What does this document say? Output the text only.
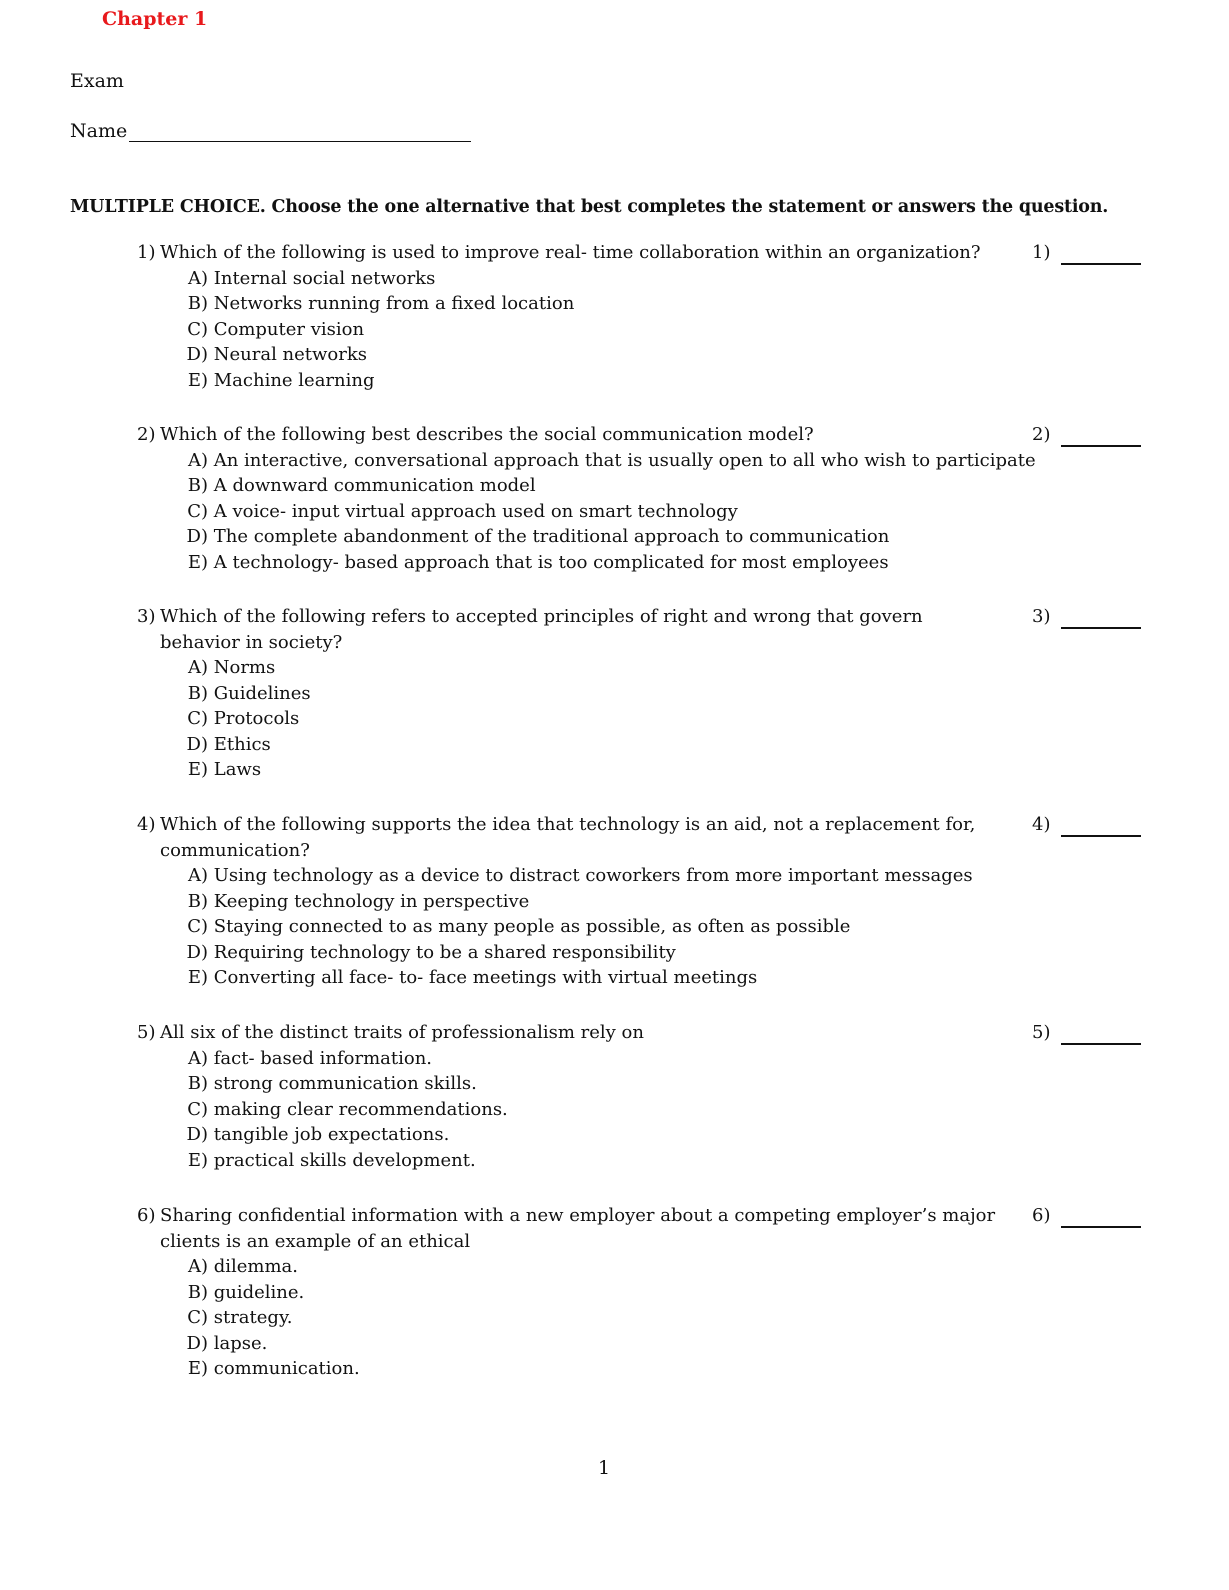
Chapter 1
Exam
Name
MULTIPLE CHOICE. Choose the one alternative that best completes the statement or answers the question.
1) Which of the following is used to improve real- time collaboration within an organization?	1)
A)
Internal social networks
B)
Networks running from a fixed location
C)
Computer vision
D)
Neural networks
E)
Machine learning
2) Which of the following best describes the social communication model?	2)
A)
An interactive, conversational approach that is usually open to all who wish to participate
B)
A downward communication model
C)
A voice- input virtual approach used on smart technology
D)
The complete abandonment of the traditional approach to communication
E)
A technology- based approach that is too complicated for most employees
3) Which of the following refers to accepted principles of right and wrong that govern behavior in society?
3)
A)
Norms
B)
Guidelines
C)
Protocols
D)
Ethics
E)
Laws
4) Which of the following supports the idea that technology is an aid, not a replacement for, communication?
4)
A)
Using technology as a device to distract coworkers from more important messages
B)
Keeping technology in perspective
C)
Staying connected to as many people as possible, as often as possible
D)
Requiring technology to be a shared responsibility
E)
Converting all face- to- face meetings with virtual meetings
5) All six of the distinct traits of professionalism rely on	5)
A)
fact- based information.
B)
strong communication skills.
C)
making clear recommendations.
D)
tangible job expectations.
E)
practical skills development.
6) Sharing confidential information with a new employer about a competing employer’s major clients is an example of an ethical
6)
A)
dilemma.
B)
guideline.
C)
strategy.
D)
lapse.
E)
communication.
1
